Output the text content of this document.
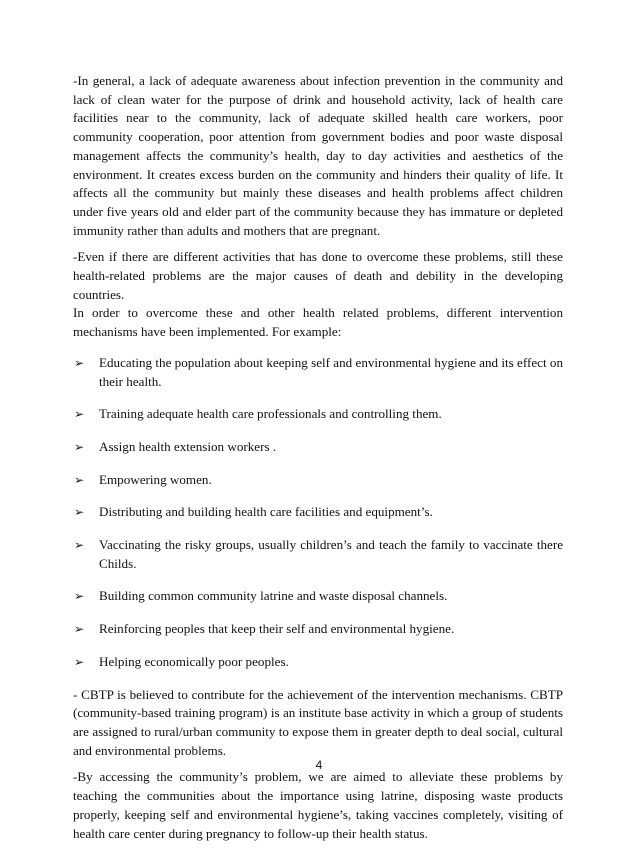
-In general, a lack of adequate awareness about infection prevention in the community and lack of clean water for the purpose of drink and household activity, lack of health care facilities near to the community, lack of adequate skilled health care workers, poor community cooperation, poor attention from government bodies and poor waste disposal management affects the community’s health, day to day activities and aesthetics of the environment. It creates excess burden on the community and hinders their quality of life. It affects all the community but mainly these diseases and health problems affect children under five years old and elder part of the community because they has immature or depleted immunity rather than adults and mothers that are pregnant.

-Even if there are different activities that has done to overcome these problems, still these health-related problems are the major causes of death and debility in the developing countries.

In order to overcome these and other health related problems, different intervention mechanisms have been implemented. For example:

➢ Educating the population about keeping self and environmental hygiene and its effect on their health.
➢ Training adequate health care professionals and controlling them.
➢ Assign health extension workers .
➢ Empowering women.
➢ Distributing and building health care facilities and equipment’s.
➢ Vaccinating the risky groups, usually children’s and teach the family to vaccinate there Childs.
➢ Building common community latrine and waste disposal channels.
➢ Reinforcing peoples that keep their self and environmental hygiene.
➢ Helping economically poor peoples.

- CBTP is believed to contribute for the achievement of the intervention mechanisms. CBTP (community-based training program) is an institute base activity in which a group of students are assigned to rural/urban community to expose them in greater depth to deal social, cultural and environmental problems.

-By accessing the community’s problem, we are aimed to alleviate these problems by teaching the communities about the importance using latrine, disposing waste products properly, keeping self and environmental hygiene’s, taking vaccines completely, visiting of health care center during pregnancy to follow-up their health status.

4
